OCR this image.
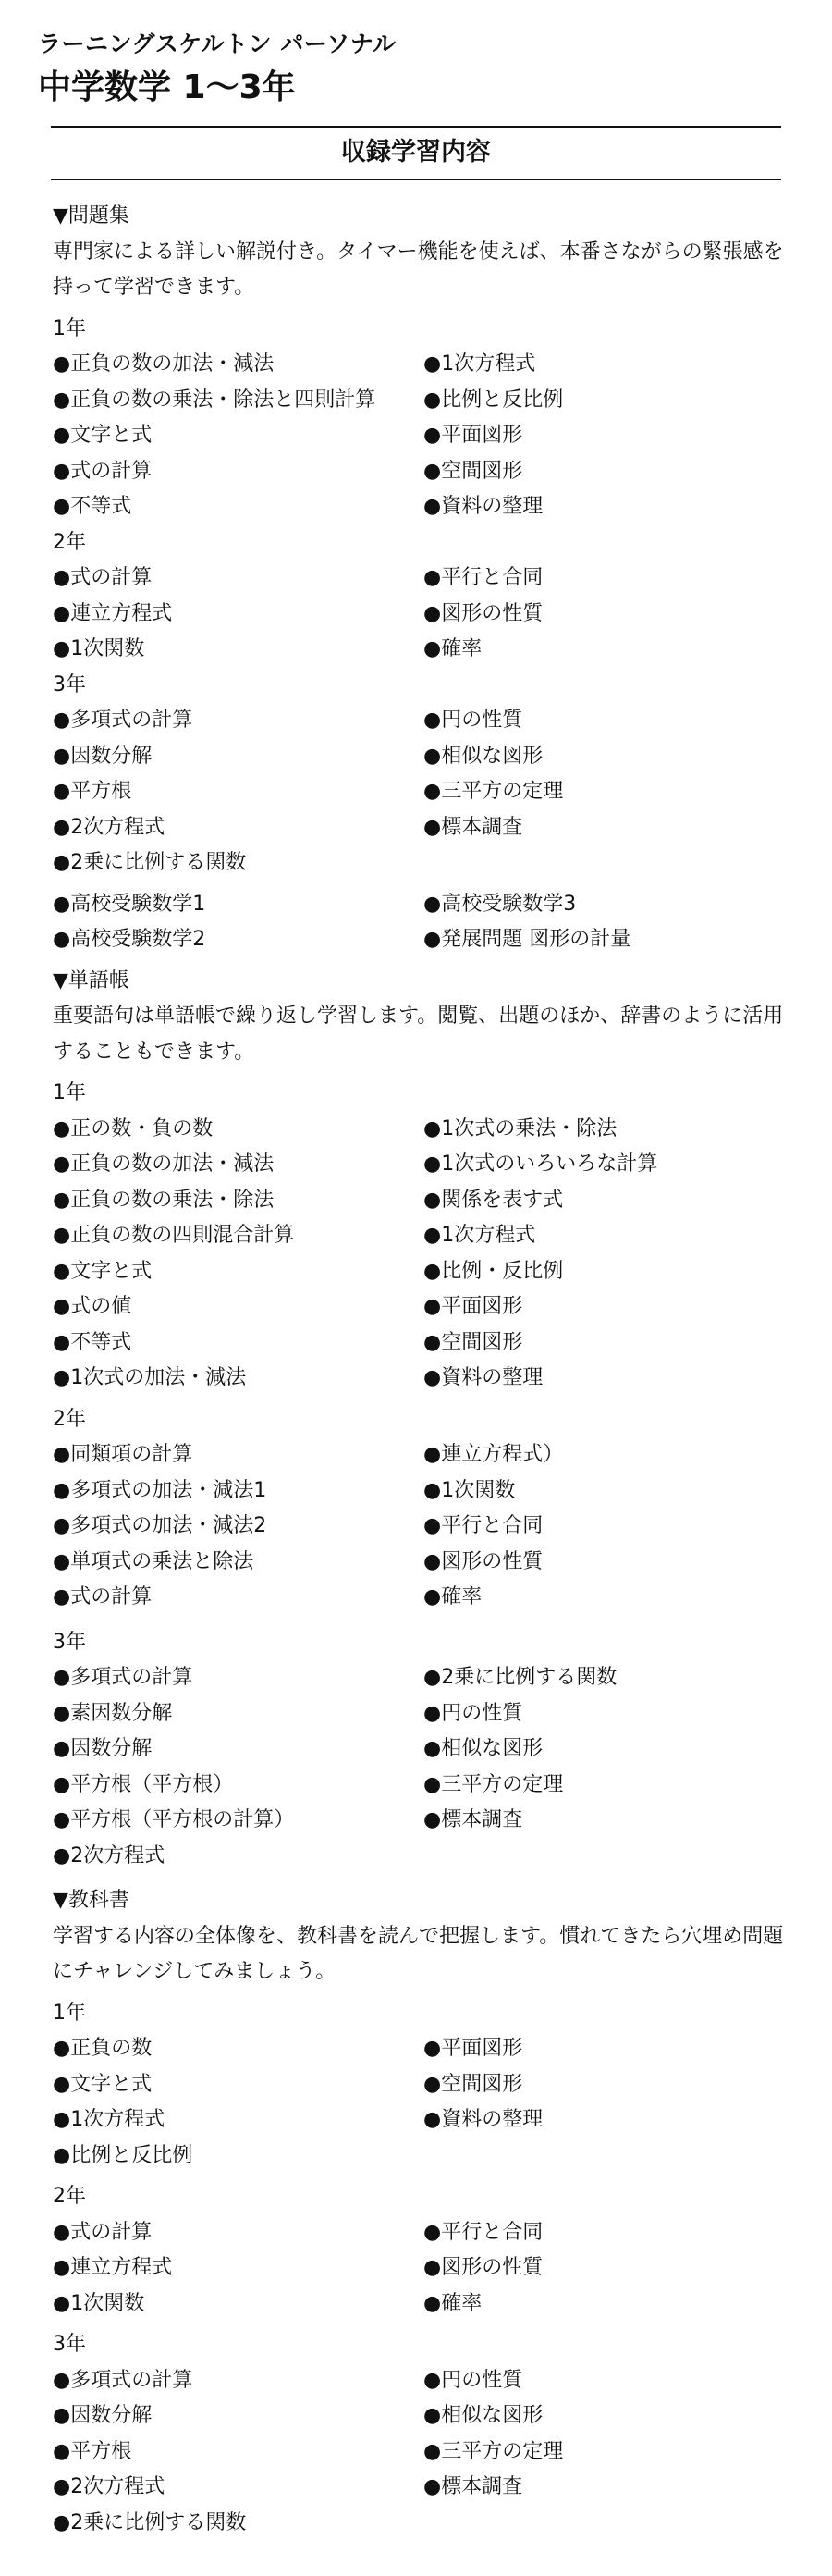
ラーニングスケルトン パーソナル
中学数学 1〜3年
収録学習内容
▼問題集
専門家による詳しい解説付き。タイマー機能を使えば、本番さながらの緊張感を持って学習できます。
1年
●正負の数の加法・減法	●1次方程式
●正負の数の乗法・除法と四則計算	●比例と反比例
●文字と式	●平面図形
●式の計算	●空間図形
●不等式	●資料の整理
2年
●式の計算	●平行と合同
●連立方程式	●図形の性質
●1次関数	●確率
3年
●多項式の計算	●円の性質
●因数分解	●相似な図形
●平方根	●三平方の定理
●2次方程式	●標本調査
●2乗に比例する関数
●高校受験数学1	●高校受験数学3
●高校受験数学2	●発展問題 図形の計量
▼単語帳
重要語句は単語帳で繰り返し学習します。閲覧、出題のほか、辞書のように活用することもできます。
1年
●正の数・負の数	●1次式の乗法・除法
●正負の数の加法・減法	●1次式のいろいろな計算
●正負の数の乗法・除法	●関係を表す式
●正負の数の四則混合計算	●1次方程式
●文字と式	●比例・反比例
●式の値	●平面図形
●不等式	●空間図形
●1次式の加法・減法	●資料の整理
2年
●同類項の計算	●連立方程式）
●多項式の加法・減法1	●1次関数
●多項式の加法・減法2	●平行と合同
●単項式の乗法と除法	●図形の性質
●式の計算	●確率
3年
●多項式の計算	●2乗に比例する関数
●素因数分解	●円の性質
●因数分解	●相似な図形
●平方根（平方根）	●三平方の定理
●平方根（平方根の計算）	●標本調査
●2次方程式
▼教科書
学習する内容の全体像を、教科書を読んで把握します。慣れてきたら穴埋め問題にチャレンジしてみましょう。
1年
●正負の数	●平面図形
●文字と式	●空間図形
●1次方程式	●資料の整理
●比例と反比例
2年
●式の計算	●平行と合同
●連立方程式	●図形の性質
●1次関数	●確率
3年
●多項式の計算	●円の性質
●因数分解	●相似な図形
●平方根	●三平方の定理
●2次方程式	●標本調査
●2乗に比例する関数
